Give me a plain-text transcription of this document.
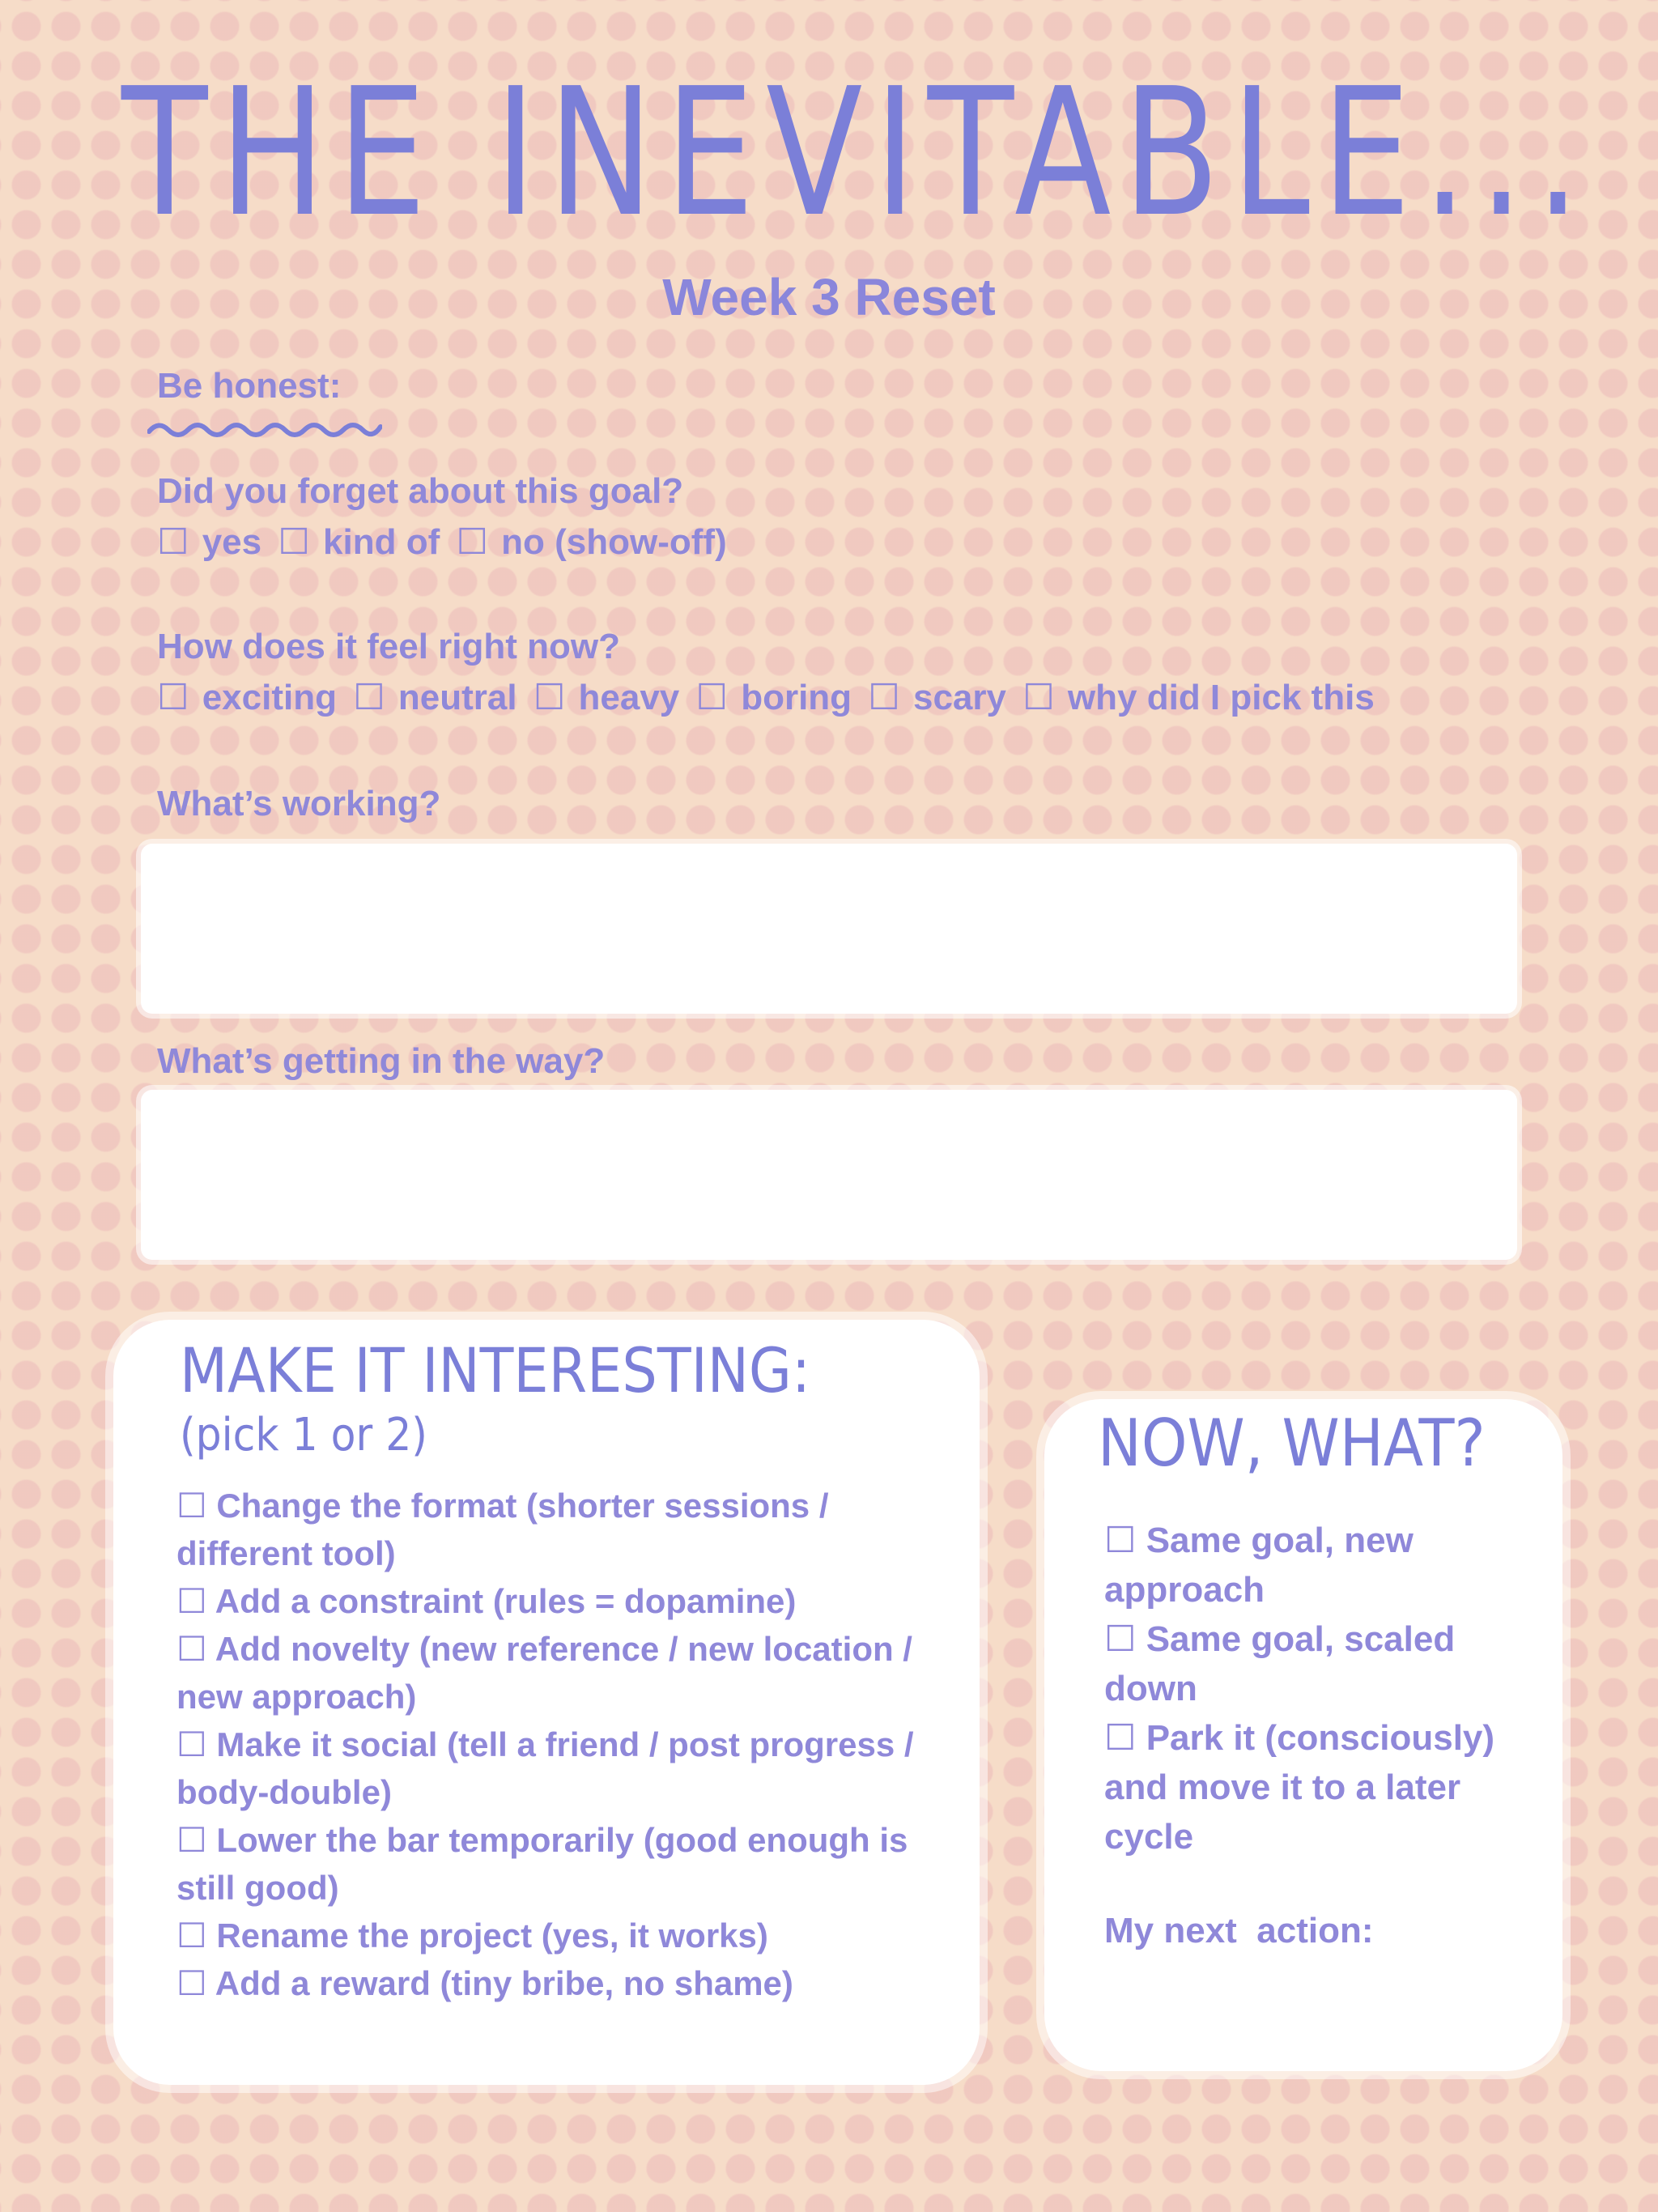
THE INEVITABLE...
Week 3 Reset
Be honest:
Did you forget about this goal?
☐ yes ☐ kind of ☐ no (show-off)
How does it feel right now?
☐ exciting ☐ neutral ☐ heavy ☐ boring ☐ scary ☐ why did I pick this
What’s working?
What’s getting in the way?
MAKE IT INTERESTING:
(pick 1 or 2)
☐ Change the format (shorter sessions / different tool)
☐ Add a constraint (rules = dopamine)
☐ Add novelty (new reference / new location / new approach)
☐ Make it social (tell a friend / post progress / body-double)
☐ Lower the bar temporarily (good enough is still good)
☐ Rename the project (yes, it works)
☐ Add a reward (tiny bribe, no shame)
NOW, WHAT?
☐ Same goal, new approach
☐ Same goal, scaled down
☐ Park it (consciously) and move it to a later cycle
My next  action:
